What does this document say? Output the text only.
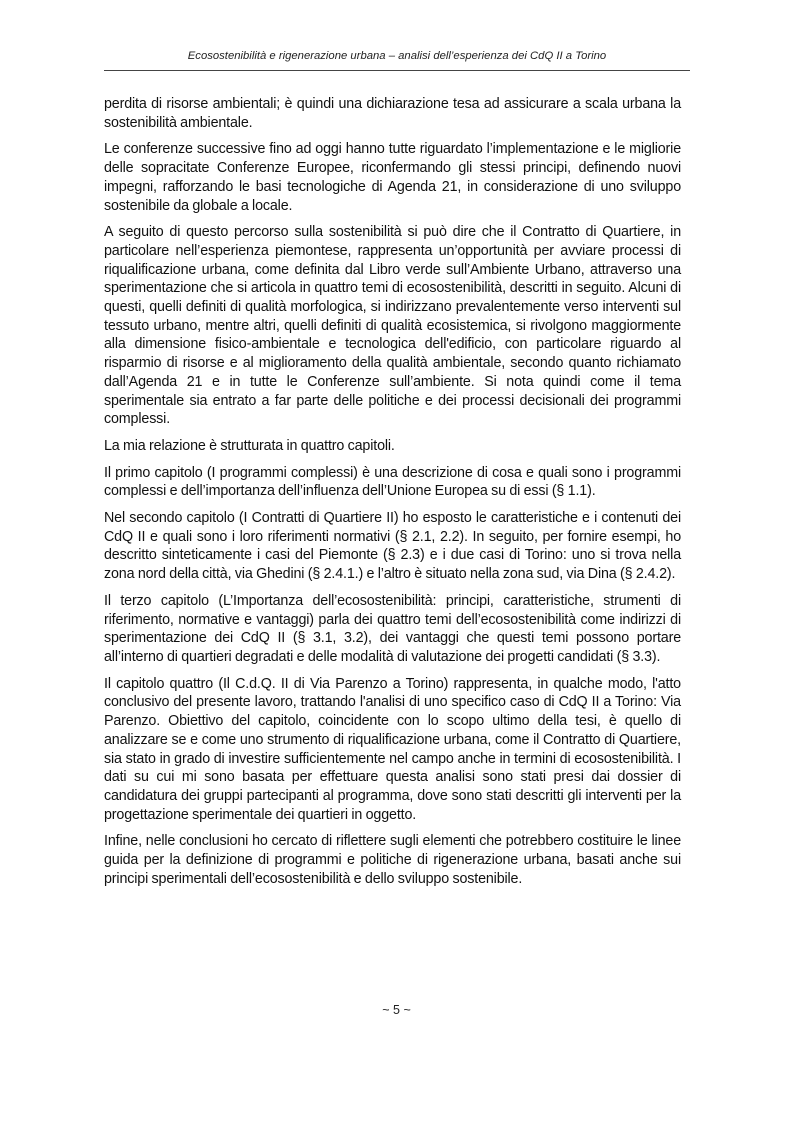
Ecosostenibilità e rigenerazione urbana – analisi dell’esperienza dei CdQ II a Torino

perdita di risorse ambientali; è quindi una dichiarazione tesa ad assicurare a scala urbana la sostenibilità ambientale.

Le conferenze successive fino ad oggi hanno tutte riguardato l’implementazione e le migliorie delle sopracitate Conferenze Europee, riconfermando gli stessi principi, definendo nuovi impegni, rafforzando le basi tecnologiche di Agenda 21, in considerazione di uno sviluppo sostenibile da globale a locale.

A seguito di questo percorso sulla sostenibilità si può dire che il Contratto di Quartiere, in particolare nell’esperienza piemontese, rappresenta un’opportunità per avviare processi di riqualificazione urbana, come definita dal Libro verde sull’Ambiente Urbano, attraverso una sperimentazione che si articola in quattro temi di ecosostenibilità, descritti in seguito. Alcuni di questi, quelli definiti di qualità morfologica, si indirizzano prevalentemente verso interventi sul tessuto urbano, mentre altri, quelli definiti di qualità ecosistemica, si rivolgono maggiormente alla dimensione fisico-ambientale e tecnologica dell'edificio, con particolare riguardo al risparmio di risorse e al miglioramento della qualità ambientale, secondo quanto richiamato dall’Agenda 21 e in tutte le Conferenze sull’ambiente. Si nota quindi come il tema sperimentale sia entrato a far parte delle politiche e dei processi decisionali dei programmi complessi.

La mia relazione è strutturata in quattro capitoli.

Il primo capitolo (I programmi complessi) è una descrizione di cosa e quali sono i programmi complessi e dell’importanza dell’influenza dell’Unione Europea su di essi (§ 1.1).

Nel secondo capitolo (I Contratti di Quartiere II) ho esposto le caratteristiche e i contenuti dei CdQ II e quali sono i loro riferimenti normativi (§ 2.1, 2.2). In seguito, per fornire esempi, ho descritto sinteticamente i casi del Piemonte (§ 2.3) e i due casi di Torino: uno si trova nella zona nord della città, via Ghedini (§ 2.4.1.) e l’altro è situato nella zona sud, via Dina (§ 2.4.2).

Il terzo capitolo (L’Importanza dell’ecosostenibilità: principi, caratteristiche, strumenti di riferimento, normative e vantaggi) parla dei quattro temi dell’ecosostenibilità come indirizzi di sperimentazione dei CdQ II (§ 3.1, 3.2), dei vantaggi che questi temi possono portare all’interno di quartieri degradati e delle modalità di valutazione dei progetti candidati (§ 3.3).

Il capitolo quattro (Il C.d.Q. II di Via Parenzo a Torino) rappresenta, in qualche modo, l'atto conclusivo del presente lavoro, trattando l'analisi di uno specifico caso di CdQ II a Torino: Via Parenzo. Obiettivo del capitolo, coincidente con lo scopo ultimo della tesi, è quello di analizzare se e come uno strumento di riqualificazione urbana, come il Contratto di Quartiere, sia stato in grado di investire sufficientemente nel campo anche in termini di ecosostenibilità. I dati su cui mi sono basata per effettuare questa analisi sono stati presi dai dossier di candidatura dei gruppi partecipanti al programma, dove sono stati descritti gli interventi per la progettazione sperimentale dei quartieri in oggetto.

Infine, nelle conclusioni ho cercato di riflettere sugli elementi che potrebbero costituire le linee guida per la definizione di programmi e politiche di rigenerazione urbana, basati anche sui principi sperimentali dell’ecosostenibilità e dello sviluppo sostenibile.

~ 5 ~
